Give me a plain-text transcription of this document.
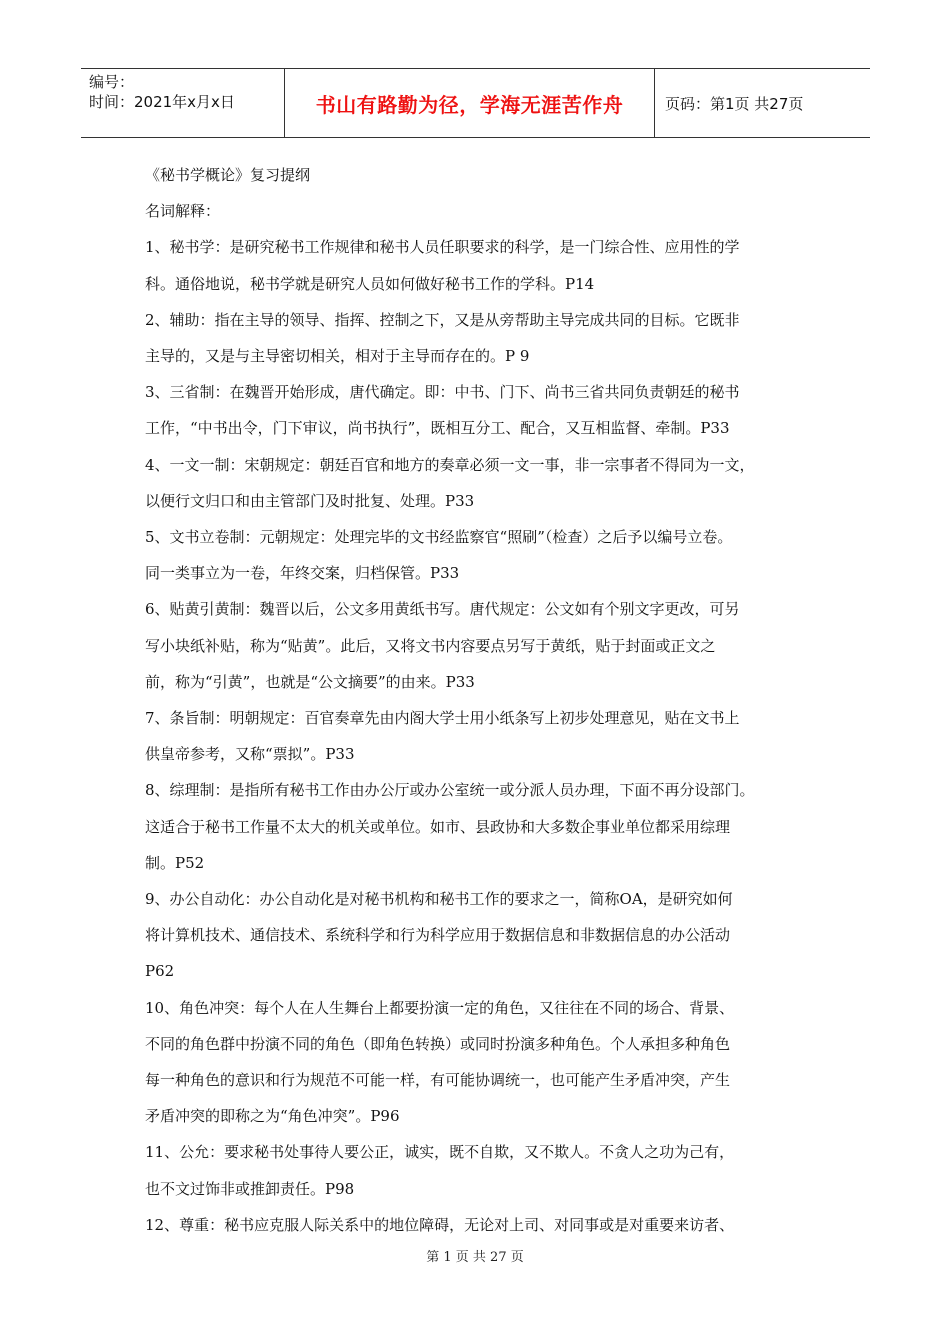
编号：
时间：2021年x月x日	书山有路勤为径，学海无涯苦作舟	页码：第1页 共27页

《秘书学概论》复习提纲

名词解释：

1、秘书学：是研究秘书工作规律和秘书人员任职要求的科学，是一门综合性、应用性的学

科。通俗地说，秘书学就是研究人员如何做好秘书工作的学科。P14

2、辅助：指在主导的领导、指挥、控制之下，又是从旁帮助主导完成共同的目标。它既非

主导的，又是与主导密切相关，相对于主导而存在的。P 9

3、三省制：在魏晋开始形成，唐代确定。即：中书、门下、尚书三省共同负责朝廷的秘书

工作，“中书出令，门下审议，尚书执行”，既相互分工、配合，又互相监督、牵制。P33

4、一文一制：宋朝规定：朝廷百官和地方的奏章必须一文一事，非一宗事者不得同为一文，

以便行文归口和由主管部门及时批复、处理。P33

5、文书立卷制：元朝规定：处理完毕的文书经监察官“照刷”（检查）之后予以编号立卷。

同一类事立为一卷，年终交案，归档保管。P33

6、贴黄引黄制：魏晋以后，公文多用黄纸书写。唐代规定：公文如有个别文字更改，可另

写小块纸补贴，称为“贴黄”。此后，又将文书内容要点另写于黄纸，贴于封面或正文之

前，称为“引黄”，也就是“公文摘要”的由来。P33

7、条旨制：明朝规定：百官奏章先由内阁大学士用小纸条写上初步处理意见，贴在文书上

供皇帝参考，又称“票拟”。P33

8、综理制：是指所有秘书工作由办公厅或办公室统一或分派人员办理，下面不再分设部门。

这适合于秘书工作量不太大的机关或单位。如市、县政协和大多数企事业单位都采用综理

制。P52

9、办公自动化：办公自动化是对秘书机构和秘书工作的要求之一，简称OA，是研究如何

将计算机技术、通信技术、系统科学和行为科学应用于数据信息和非数据信息的办公活动

P62

10、角色冲突：每个人在人生舞台上都要扮演一定的角色，又往往在不同的场合、背景、

不同的角色群中扮演不同的角色（即角色转换）或同时扮演多种角色。个人承担多种角色

每一种角色的意识和行为规范不可能一样，有可能协调统一，也可能产生矛盾冲突，产生

矛盾冲突的即称之为“角色冲突”。P96

11、公允：要求秘书处事待人要公正，诚实，既不自欺，又不欺人。不贪人之功为己有，

也不文过饰非或推卸责任。P98

12、尊重：秘书应克服人际关系中的地位障碍，无论对上司、对同事或是对重要来访者、

第 1 页 共 27 页
